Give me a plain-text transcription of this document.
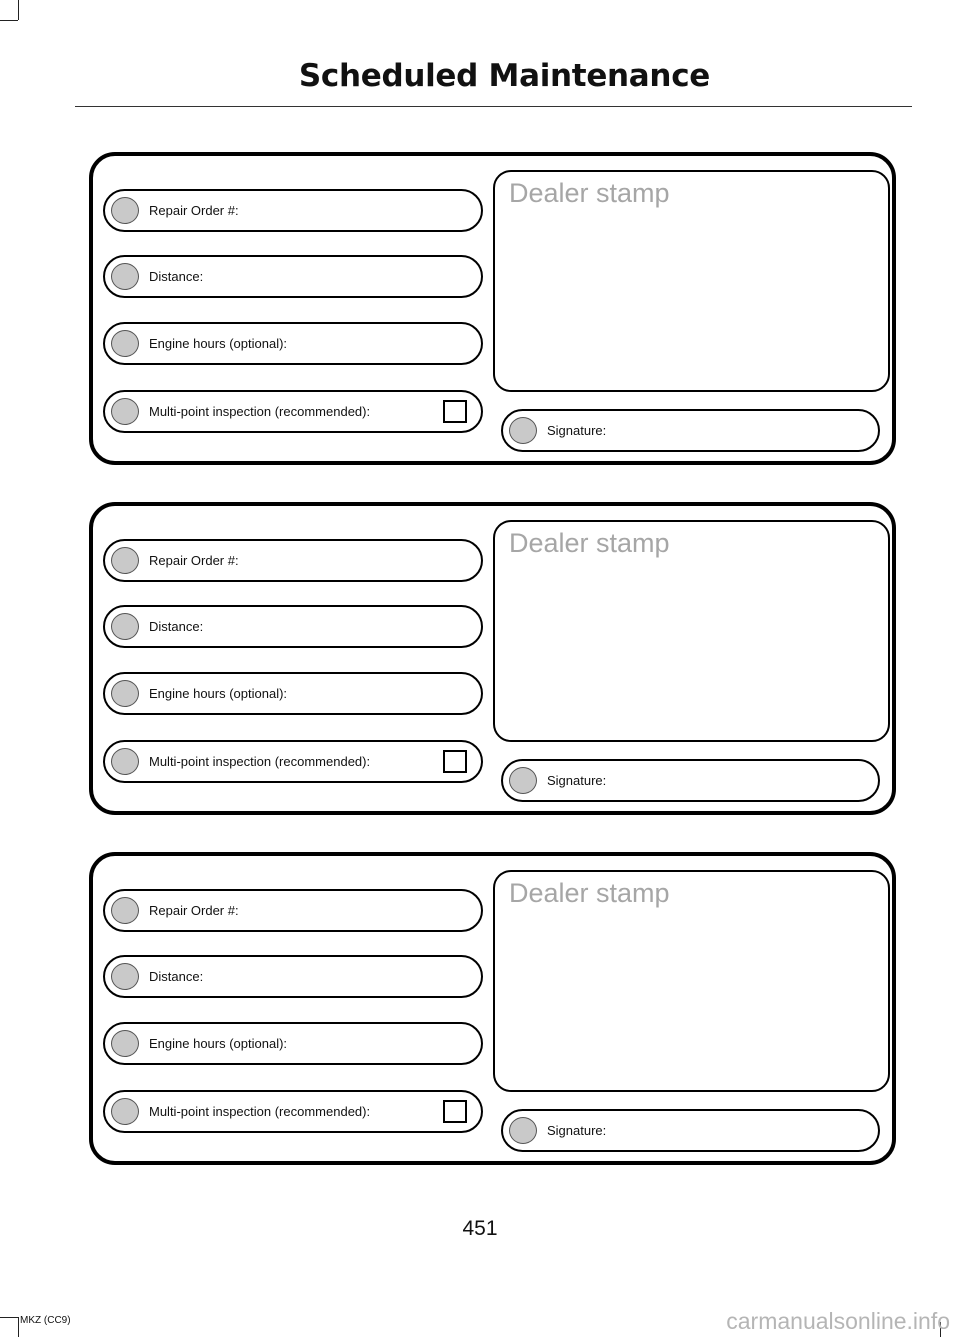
Scheduled Maintenance
Repair Order #:
Distance:
Engine hours (optional):
Multi-point inspection (recommended):
Dealer stamp
Signature:
Repair Order #:
Distance:
Engine hours (optional):
Multi-point inspection (recommended):
Dealer stamp
Signature:
Repair Order #:
Distance:
Engine hours (optional):
Multi-point inspection (recommended):
Dealer stamp
Signature:
451
MKZ (CC9)	carmanualsonline.info
